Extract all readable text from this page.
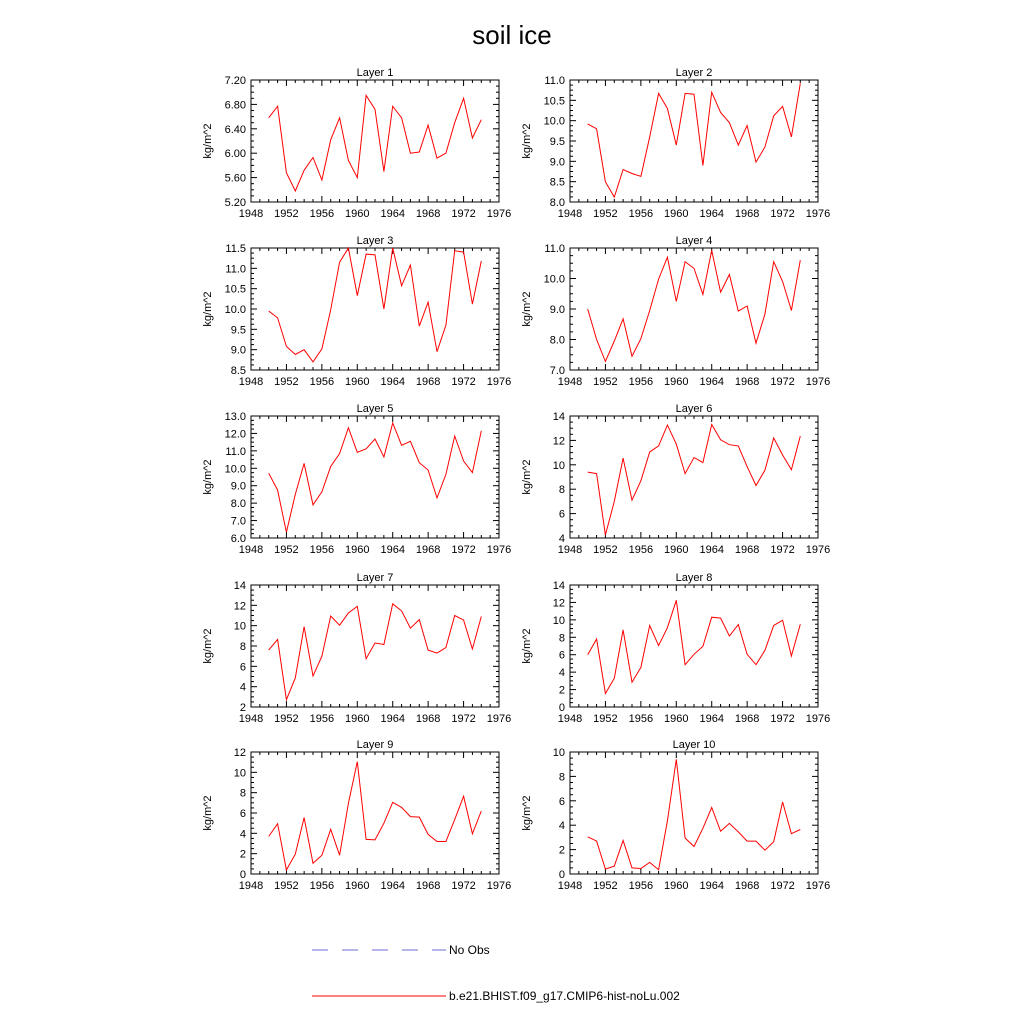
soil ice
Layer 1
1948 1952 1956 1960 1964 1968 1972 1976
5.20
5.60
6.00
6.40
6.80
7.20
kg/m^2
Layer 2
1948 1952 1956 1960 1964 1968 1972 1976
8.0
8.5
9.0
9.5
10.0
10.5
11.0
kg/m^2
Layer 3
1948 1952 1956 1960 1964 1968 1972 1976
8.5
9.0
9.5
10.0
10.5
11.0
11.5
kg/m^2
Layer 4
1948 1952 1956 1960 1964 1968 1972 1976
7.0
8.0
9.0
10.0
11.0
kg/m^2
Layer 5
1948 1952 1956 1960 1964 1968 1972 1976
6.0
7.0
8.0
9.0
10.0
11.0
12.0
13.0
kg/m^2
Layer 6
1948 1952 1956 1960 1964 1968 1972 1976
4
6
8
10
12
14
kg/m^2
Layer 7
1948 1952 1956 1960 1964 1968 1972 1976
2
4
6
8
10
12
14
kg/m^2
Layer 8
1948 1952 1956 1960 1964 1968 1972 1976
0
2
4
6
8
10
12
14
kg/m^2
Layer 9
1948 1952 1956 1960 1964 1968 1972 1976
0
2
4
6
8
10
12
kg/m^2
Layer 10
1948 1952 1956 1960 1964 1968 1972 1976
0
2
4
6
8
10
kg/m^2
No Obs
b.e21.BHIST.f09_g17.CMIP6-hist-noLu.002
